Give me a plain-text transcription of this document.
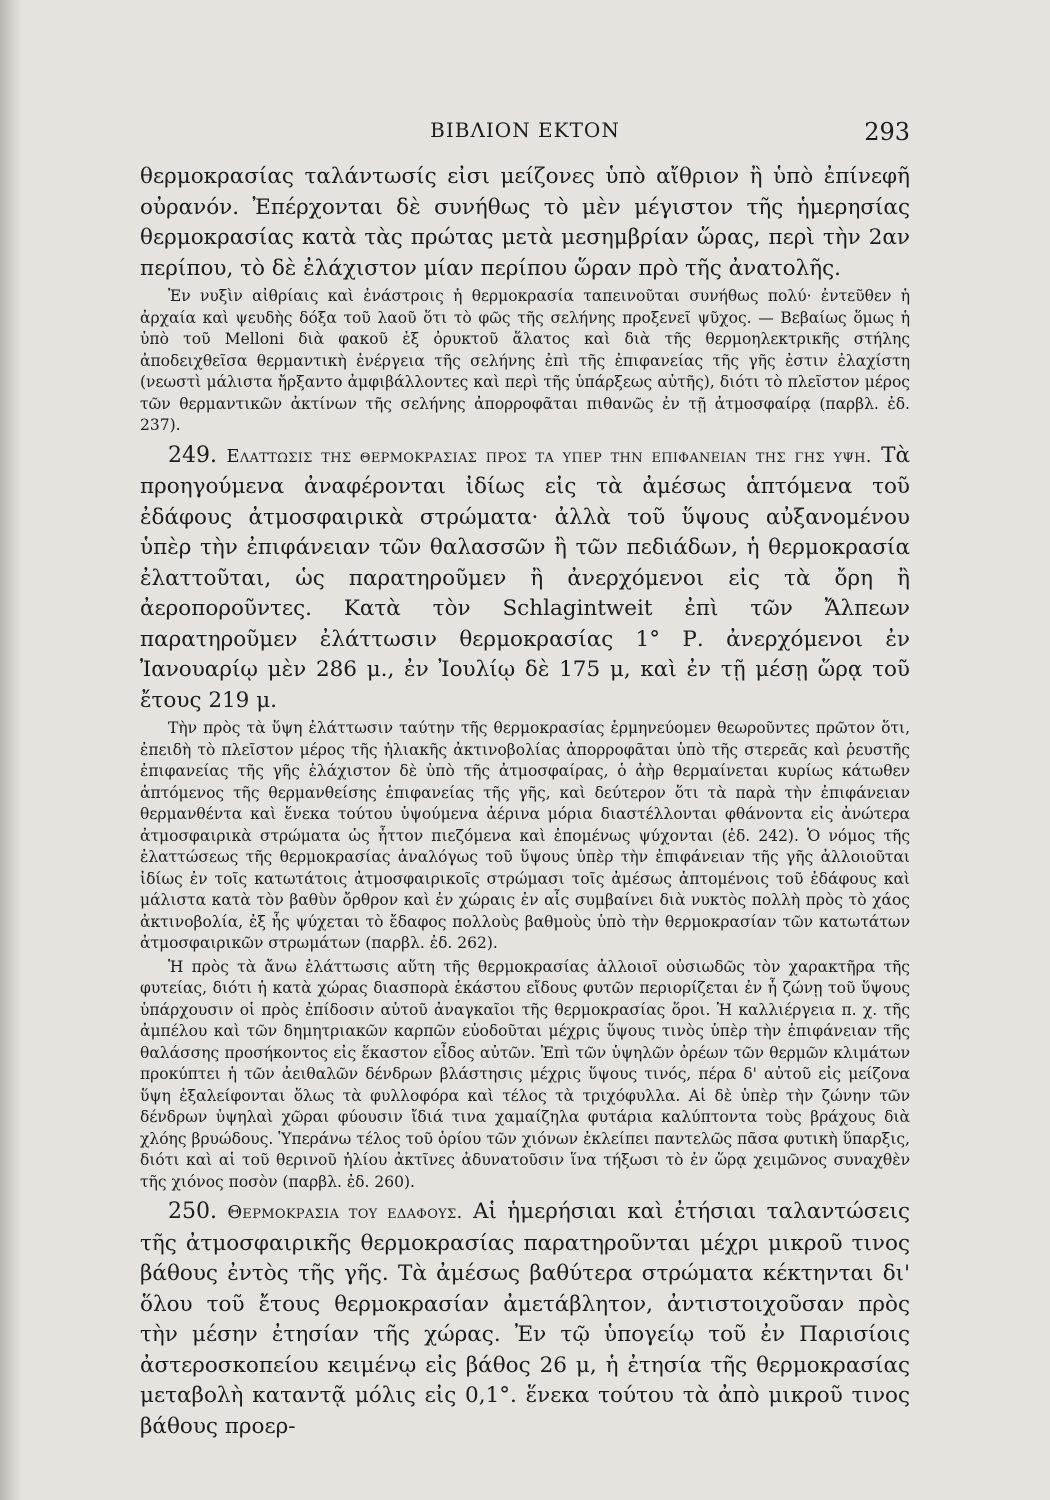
ΒΙΒΛΙΟΝ ΕΚΤΟΝ	293

θερμοκρασίας ταλάντωσίς εἰσι μείζονες ὑπὸ αἴθριον ἢ ὑπὸ ἐπίνεφῆ οὐρανόν. Ἐπέρχονται δὲ συνήθως τὸ μὲν μέγιστον τῆς ἡμερησίας θερμοκρασίας κατὰ τὰς πρώτας μετὰ μεσημβρίαν ὥρας, περὶ τὴν 2αν περίπου, τὸ δὲ ἐλάχιστον μίαν περίπου ὥραν πρὸ τῆς ἀνατολῆς.

Ἐν νυξὶν αἰθρίαις καὶ ἐνάστροις ἡ θερμοκρασία ταπεινοῦται συνήθως πολύ· ἐντεῦθεν ἡ ἀρχαία καὶ ψευδὴς δόξα τοῦ λαοῦ ὅτι τὸ φῶς τῆς σελήνης προξενεῖ ψῦχος. — Βεβαίως ὅμως ἡ ὑπὸ τοῦ Melloni διὰ φακοῦ ἐξ ὀρυκτοῦ ἅλατος καὶ διὰ τῆς θερμοηλεκτρικῆς στήλης ἀποδειχθεῖσα θερμαντικὴ ἐνέργεια τῆς σελήνης ἐπὶ τῆς ἐπιφανείας τῆς γῆς ἐστιν ἐλαχίστη (νεωστὶ μάλιστα ἤρξαντο ἀμφιβάλλοντες καὶ περὶ τῆς ὑπάρξεως αὐτῆς), διότι τὸ πλεῖστον μέρος τῶν θερμαντικῶν ἀκτίνων τῆς σελήνης ἀπορροφᾶται πιθανῶς ἐν τῇ ἀτμοσφαίρᾳ (παρβλ. ἐδ. 237).

249. Ελαττωσισ τησ θερμοκρασιασ προσ τα υπερ την επιφανειαν τησ γησ υψη. Τὰ προηγούμενα ἀναφέρονται ἰδίως εἰς τὰ ἀμέσως ἁπτόμενα τοῦ ἐδάφους ἀτμοσφαιρικὰ στρώματα· ἀλλὰ τοῦ ὕψους αὐξανομένου ὑπὲρ τὴν ἐπιφάνειαν τῶν θαλασσῶν ἢ τῶν πεδιάδων, ἡ θερμοκρασία ἐλαττοῦται, ὡς παρατηροῦμεν ἢ ἀνερχόμενοι εἰς τὰ ὄρη ἢ ἀεροποροῦντες. Κατὰ τὸν Schlagintweit ἐπὶ τῶν Ἄλπεων παρατηροῦμεν ἐλάττωσιν θερμοκρασίας 1° Ρ. ἀνερχόμενοι ἐν Ἰανουαρίῳ μὲν 286 μ., ἐν Ἰουλίῳ δὲ 175 μ, καὶ ἐν τῇ μέσῃ ὥρᾳ τοῦ ἔτους 219 μ.

Τὴν πρὸς τὰ ὕψη ἐλάττωσιν ταύτην τῆς θερμοκρασίας ἑρμηνεύομεν θεωροῦντες πρῶτον ὅτι, ἐπειδὴ τὸ πλεῖστον μέρος τῆς ἡλιακῆς ἀκτινοβολίας ἀπορροφᾶται ὑπὸ τῆς στερεᾶς καὶ ῥευστῆς ἐπιφανείας τῆς γῆς ἐλάχιστον δὲ ὑπὸ τῆς ἀτμοσφαίρας, ὁ ἀὴρ θερμαίνεται κυρίως κάτωθεν ἁπτόμενος τῆς θερμανθείσης ἐπιφανείας τῆς γῆς, καὶ δεύτερον ὅτι τὰ παρὰ τὴν ἐπιφάνειαν θερμανθέντα καὶ ἕνεκα τούτου ὑψούμενα ἀέρινα μόρια διαστέλλονται φθάνοντα εἰς ἀνώτερα ἀτμοσφαιρικὰ στρώματα ὡς ἧττον πιεζόμενα καὶ ἐπομένως ψύχονται (ἐδ. 242). Ὁ νόμος τῆς ἐλαττώσεως τῆς θερμοκρασίας ἀναλόγως τοῦ ὕψους ὑπὲρ τὴν ἐπιφάνειαν τῆς γῆς ἀλλοιοῦται ἰδίως ἐν τοῖς κατωτάτοις ἀτμοσφαιρικοῖς στρώμασι τοῖς ἀμέσως ἁπτομένοις τοῦ ἐδάφους καὶ μάλιστα κατὰ τὸν βαθὺν ὄρθρον καὶ ἐν χώραις ἐν αἷς συμβαίνει διὰ νυκτὸς πολλὴ πρὸς τὸ χάος ἀκτινοβολία, ἐξ ἧς ψύχεται τὸ ἔδαφος πολλοὺς βαθμοὺς ὑπὸ τὴν θερμοκρασίαν τῶν κατωτάτων ἀτμοσφαιρικῶν στρωμάτων (παρβλ. ἐδ. 262).

Ἡ πρὸς τὰ ἄνω ἐλάττωσις αὕτη τῆς θερμοκρασίας ἀλλοιοῖ οὐσιωδῶς τὸν χαρακτῆρα τῆς φυτείας, διότι ἡ κατὰ χώρας διασπορὰ ἑκάστου εἴδους φυτῶν περιορίζεται ἐν ἧ ζώνῃ τοῦ ὕψους ὑπάρχουσιν οἱ πρὸς ἐπίδοσιν αὐτοῦ ἀναγκαῖοι τῆς θερμοκρασίας ὅροι. Ἡ καλλιέργεια π. χ. τῆς ἀμπέλου καὶ τῶν δημητριακῶν καρπῶν εὐοδοῦται μέχρις ὕψους τινὸς ὑπὲρ τὴν ἐπιφάνειαν τῆς θαλάσσης προσήκοντος εἰς ἕκαστον εἶδος αὐτῶν. Ἐπὶ τῶν ὑψηλῶν ὀρέων τῶν θερμῶν κλιμάτων προκύπτει ἡ τῶν ἀειθαλῶν δένδρων βλάστησις μέχρις ὕψους τινός, πέρα δ' αὐτοῦ εἰς μείζονα ὕψη ἐξαλείφονται ὅλως τὰ φυλλοφόρα καὶ τέλος τὰ τριχόφυλλα. Αἱ δὲ ὑπὲρ τὴν ζώνην τῶν δένδρων ὑψηλαὶ χῶραι φύουσιν ἴδιά τινα χαμαίζηλα φυτάρια καλύπτοντα τοὺς βράχους διὰ χλόης βρυώδους. Ὑπεράνω τέλος τοῦ ὁρίου τῶν χιόνων ἐκλείπει παντελῶς πᾶσα φυτικὴ ὕπαρξις, διότι καὶ αἱ τοῦ θερινοῦ ἡλίου ἀκτῖνες ἀδυνατοῦσιν ἵνα τήξωσι τὸ ἐν ὥρᾳ χειμῶνος συναχθὲν τῆς χιόνος ποσὸν (παρβλ. ἐδ. 260).

250. Θερμοκρασια του εδαφουσ. Αἱ ἡμερήσιαι καὶ ἐτήσιαι ταλαντώσεις τῆς ἀτμοσφαιρικῆς θερμοκρασίας παρατηροῦνται μέχρι μικροῦ τινος βάθους ἐντὸς τῆς γῆς. Τὰ ἀμέσως βαθύτερα στρώματα κέκτηνται δι' ὅλου τοῦ ἔτους θερμοκρασίαν ἀμετάβλητον, ἀντιστοιχοῦσαν πρὸς τὴν μέσην ἐτησίαν τῆς χώρας. Ἐν τῷ ὑπογείῳ τοῦ ἐν Παρισίοις ἀστεροσκοπείου κειμένῳ εἰς βάθος 26 μ, ἡ ἐτησία τῆς θερμοκρασίας μεταβολὴ καταντᾷ μόλις εἰς 0,1°. ἕνεκα τούτου τὰ ἀπὸ μικροῦ τινος βάθους προερ-
